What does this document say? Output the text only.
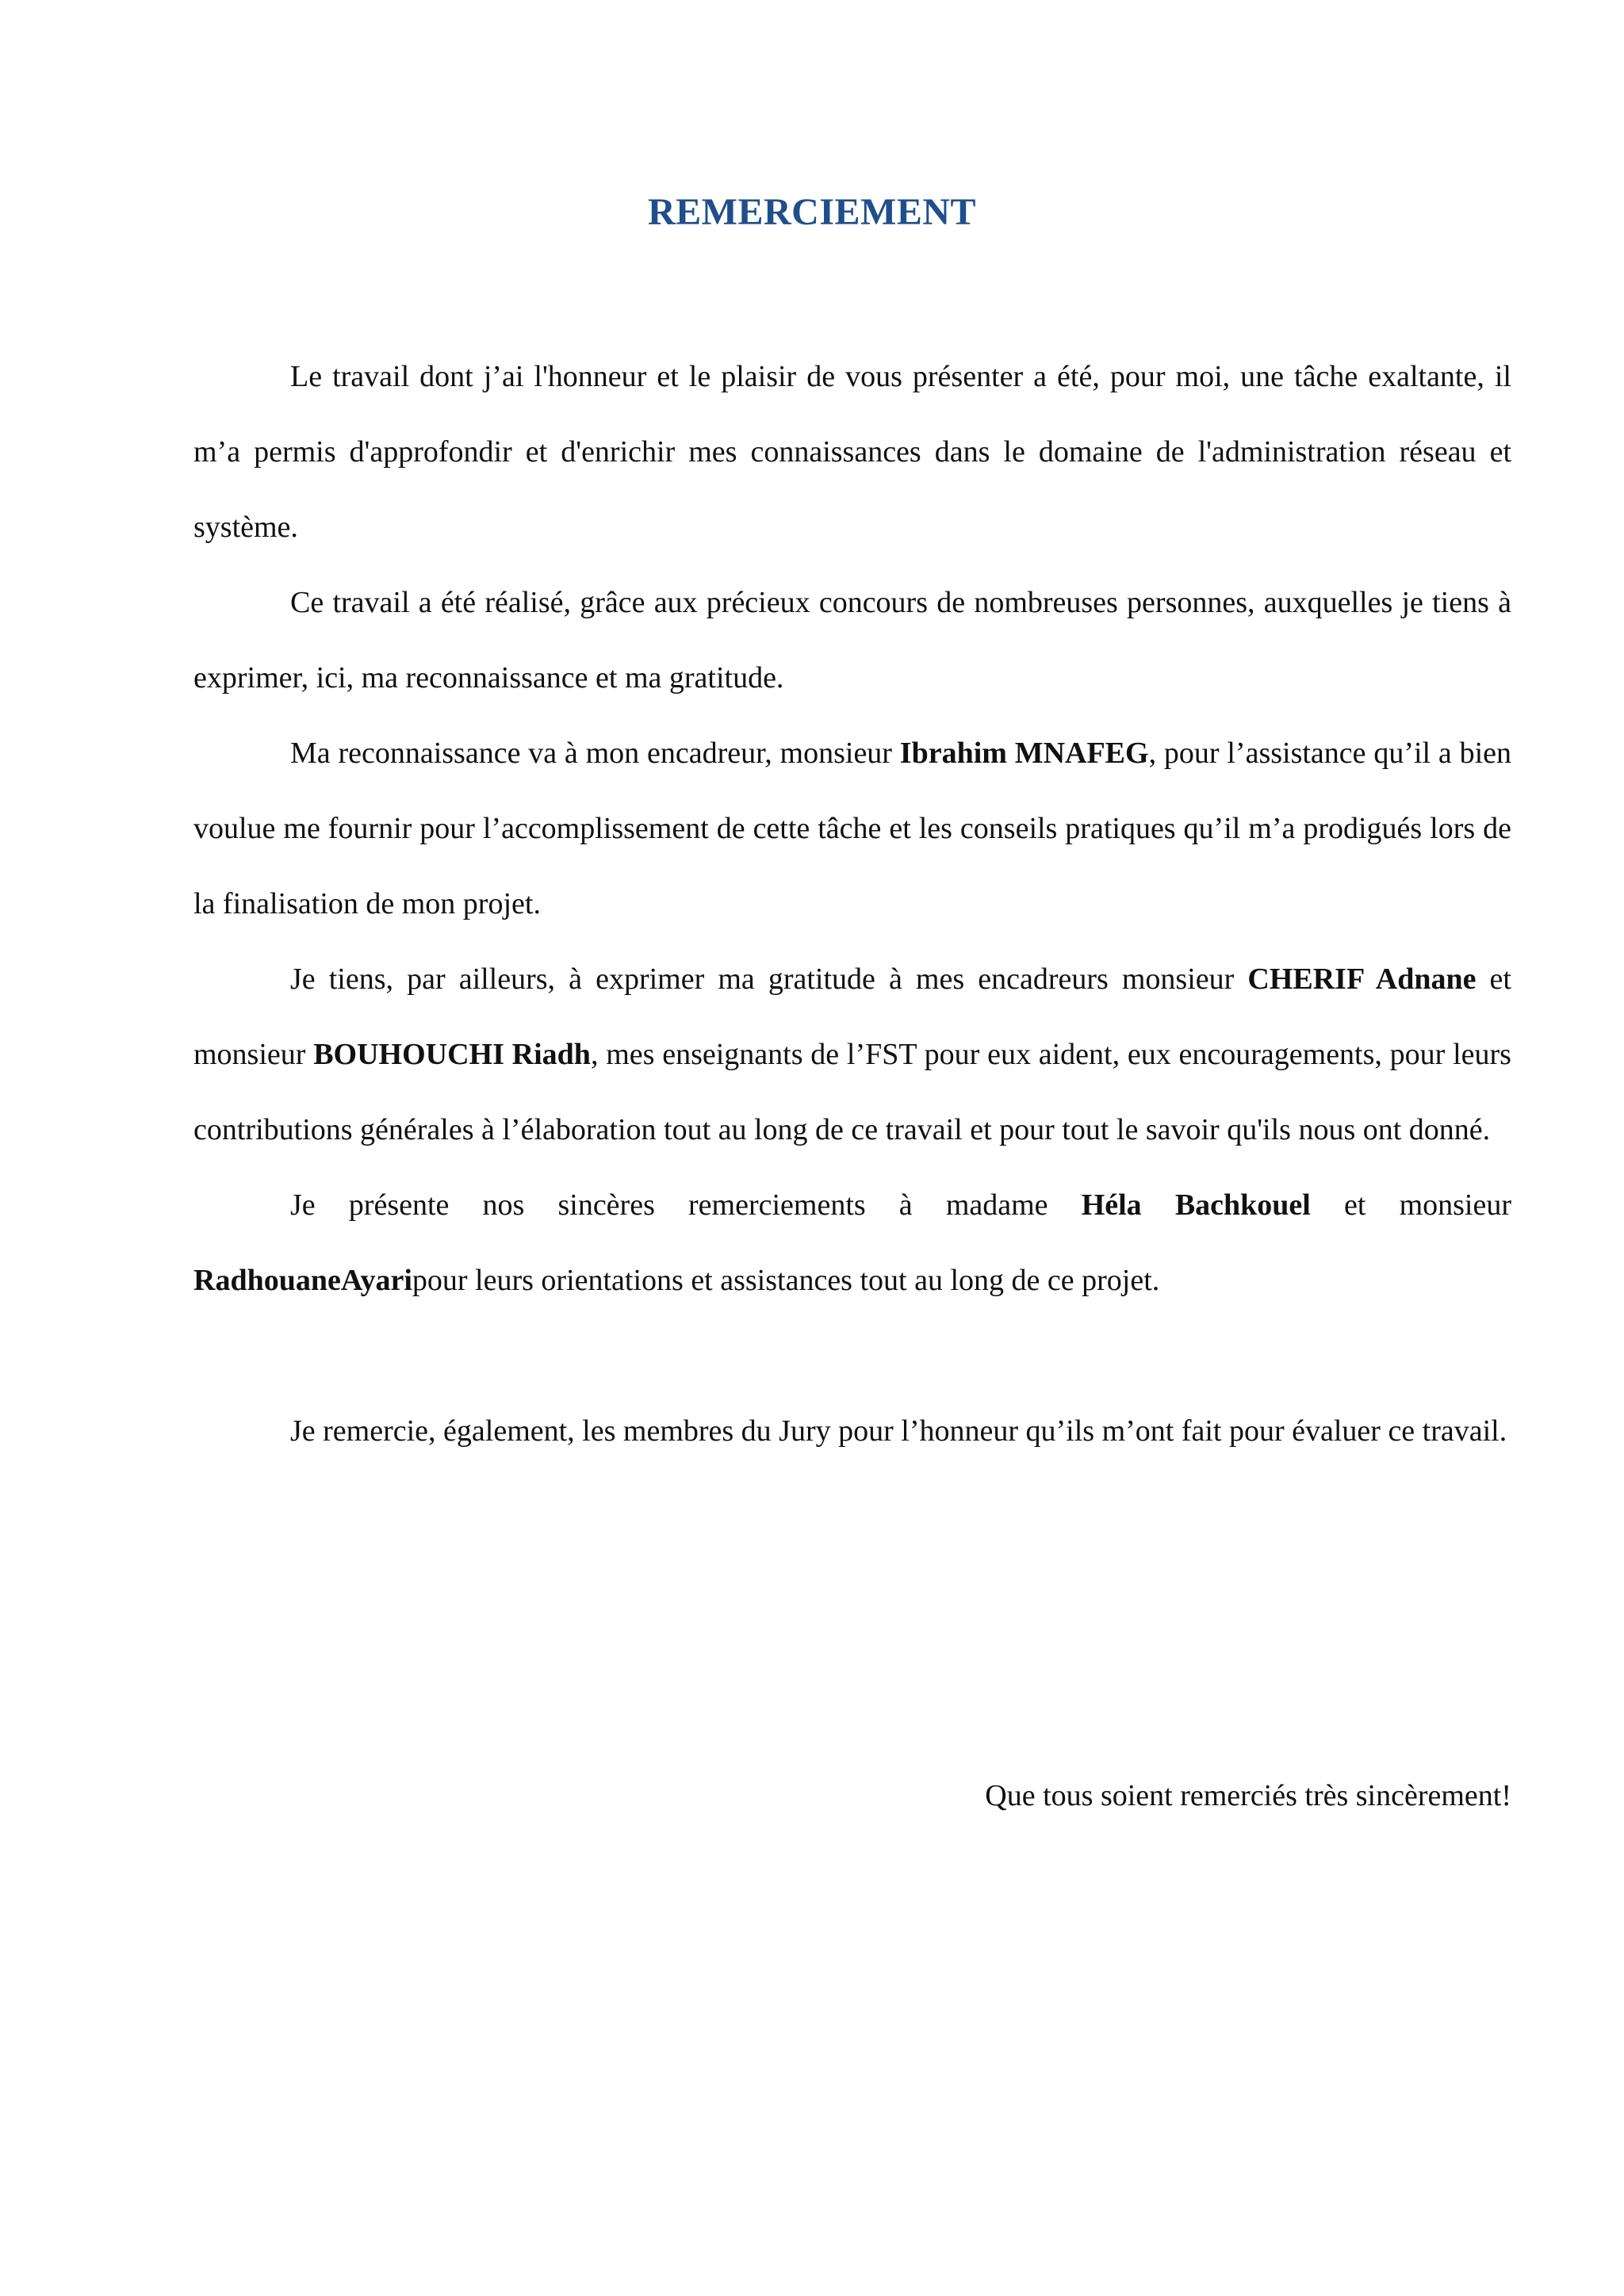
REMERCIEMENT

Le travail dont j’ai l'honneur et le plaisir de vous présenter a été, pour moi, une tâche exaltante, il m’a permis d'approfondir et d'enrichir mes connaissances dans le domaine de l'administration réseau et système.

Ce travail a été réalisé, grâce aux précieux concours de nombreuses personnes, auxquelles je tiens à exprimer, ici, ma reconnaissance et ma gratitude.

Ma reconnaissance va à mon encadreur, monsieur Ibrahim MNAFEG, pour l’assistance qu’il a bien voulue me fournir pour l’accomplissement de cette tâche et les conseils pratiques qu’il m’a prodigués lors de la finalisation de mon projet.

Je tiens, par ailleurs, à exprimer ma gratitude à mes encadreurs monsieur CHERIF Adnane et monsieur BOUHOUCHI Riadh, mes enseignants de l’FST pour eux aident, eux encouragements, pour leurs contributions générales à l’élaboration tout au long de ce travail et pour tout le savoir qu'ils nous ont donné.

Je présente nos sincères remerciements à madame Héla Bachkouel et monsieur RadhouaneAyaripour leurs orientations et assistances tout au long de ce projet.

Je remercie, également, les membres du Jury pour l’honneur qu’ils m’ont fait pour évaluer ce travail.

Que tous soient remerciés très sincèrement!
